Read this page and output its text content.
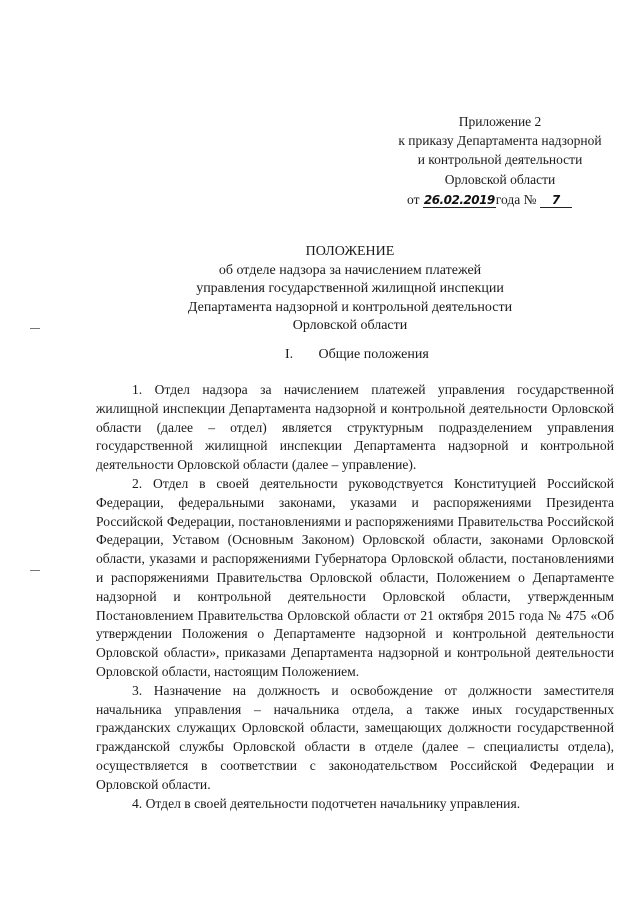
Приложение 2
к приказу Департамента надзорной
и контрольной деятельности
Орловской области
от 26.02.2019года № 7
ПОЛОЖЕНИЕ
об отделе надзора за начислением платежей
управления государственной жилищной инспекции
Департамента надзорной и контрольной деятельности
Орловской области
I. Общие положения

1. Отдел надзора за начислением платежей управления государственной жилищной инспекции Департамента надзорной и контрольной деятельности Орловской области (далее – отдел) является структурным подразделением управления государственной жилищной инспекции Департамента надзорной и контрольной деятельности Орловской области (далее – управление).

2. Отдел в своей деятельности руководствуется Конституцией Российской Федерации, федеральными законами, указами и распоряжениями Президента Российской Федерации, постановлениями и распоряжениями Правительства Российской Федерации, Уставом (Основным Законом) Орловской области, законами Орловской области, указами и распоряжениями Губернатора Орловской области, постановлениями и распоряжениями Правительства Орловской области, Положением о Департаменте надзорной и контрольной деятельности Орловской области, утвержденным Постановлением Правительства Орловской области от 21 октября 2015 года № 475 «Об утверждении Положения о Департаменте надзорной и контрольной деятельности Орловской области», приказами Департамента надзорной и контрольной деятельности Орловской области, настоящим Положением.

3. Назначение на должность и освобождение от должности заместителя начальника управления – начальника отдела, а также иных государственных гражданских служащих Орловской области, замещающих должности государственной гражданской службы Орловской области в отделе (далее – специалисты отдела), осуществляется в соответствии с законодательством Российской Федерации и Орловской области.

4. Отдел в своей деятельности подотчетен начальнику управления.
